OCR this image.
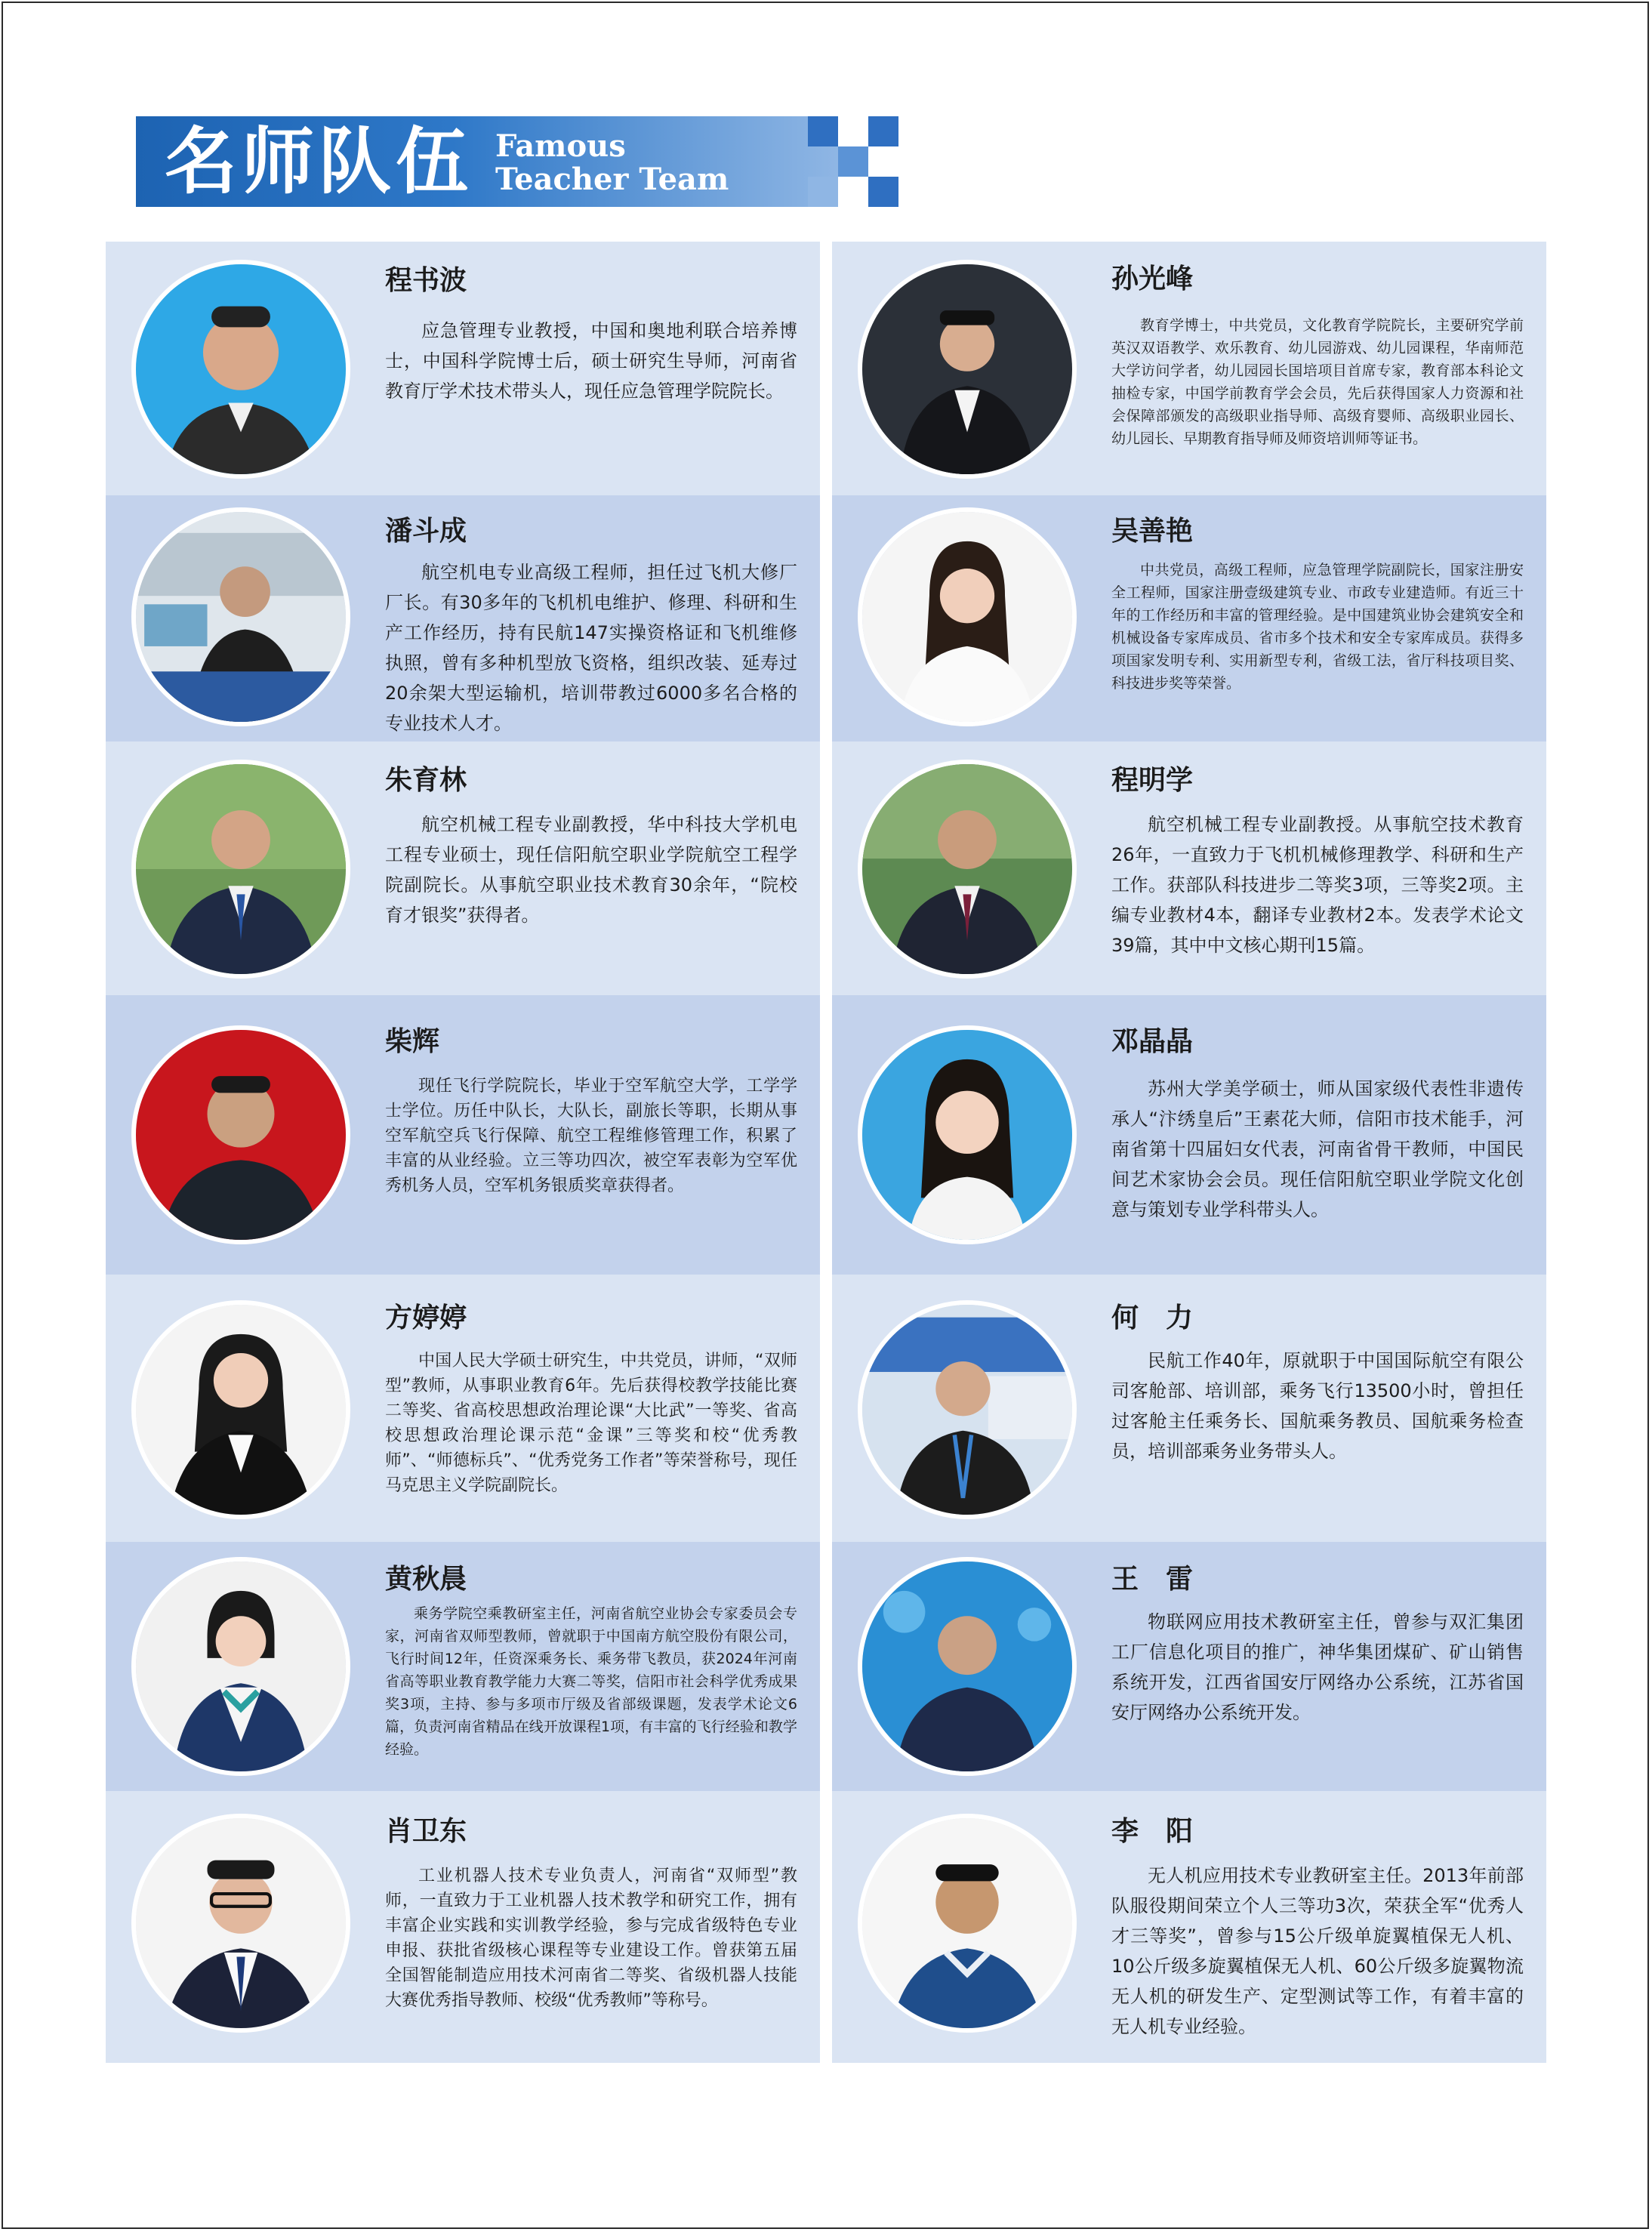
名师队伍 Famous
Teacher Team
程书波
应急管理专业教授，中国和奥地利联合培养博士，中国科学院博士后，硕士研究生导师，河南省教育厅学术技术带头人，现任应急管理学院院长。
潘斗成
航空机电专业高级工程师，担任过飞机大修厂厂长。有30多年的飞机机电维护、修理、科研和生产工作经历，持有民航147实操资格证和飞机维修执照，曾有多种机型放飞资格，组织改装、延寿过20余架大型运输机，培训带教过6000多名合格的专业技术人才。
朱育林
航空机械工程专业副教授，华中科技大学机电工程专业硕士，现任信阳航空职业学院航空工程学院副院长。从事航空职业技术教育30余年，“院校育才银奖”获得者。
柴辉
现任飞行学院院长，毕业于空军航空大学，工学学士学位。历任中队长，大队长，副旅长等职，长期从事空军航空兵飞行保障、航空工程维修管理工作，积累了丰富的从业经验。立三等功四次，被空军表彰为空军优秀机务人员，空军机务银质奖章获得者。
方婷婷
中国人民大学硕士研究生，中共党员，讲师，“双师型”教师，从事职业教育6年。先后获得校教学技能比赛二等奖、省高校思想政治理论课“大比武”一等奖、省高校思想政治理论课示范“金课”三等奖和校“优秀教师”、“师德标兵”、“优秀党务工作者”等荣誉称号，现任马克思主义学院副院长。
黄秋晨
乘务学院空乘教研室主任，河南省航空业协会专家委员会专家，河南省双师型教师，曾就职于中国南方航空股份有限公司，飞行时间12年，任资深乘务长、乘务带飞教员，获2024年河南省高等职业教育教学能力大赛二等奖，信阳市社会科学优秀成果奖3项，主持、参与多项市厅级及省部级课题，发表学术论文6篇，负责河南省精品在线开放课程1项，有丰富的飞行经验和教学经验。
肖卫东
工业机器人技术专业负责人，河南省“双师型”教师，一直致力于工业机器人技术教学和研究工作，拥有丰富企业实践和实训教学经验，参与完成省级特色专业申报、获批省级核心课程等专业建设工作。曾获第五届全国智能制造应用技术河南省二等奖、省级机器人技能大赛优秀指导教师、校级“优秀教师”等称号。
孙光峰
教育学博士，中共党员，文化教育学院院长，主要研究学前英汉双语教学、欢乐教育、幼儿园游戏、幼儿园课程，华南师范大学访问学者，幼儿园园长国培项目首席专家，教育部本科论文抽检专家，中国学前教育学会会员，先后获得国家人力资源和社会保障部颁发的高级职业指导师、高级育婴师、高级职业园长、幼儿园长、早期教育指导师及师资培训师等证书。
吴善艳
中共党员，高级工程师，应急管理学院副院长，国家注册安全工程师，国家注册壹级建筑专业、市政专业建造师。有近三十年的工作经历和丰富的管理经验。是中国建筑业协会建筑安全和机械设备专家库成员、省市多个技术和安全专家库成员。获得多项国家发明专利、实用新型专利，省级工法，省厅科技项目奖、科技进步奖等荣誉。
程明学
航空机械工程专业副教授。从事航空技术教育26年，一直致力于飞机机械修理教学、科研和生产工作。获部队科技进步二等奖3项，三等奖2项。主编专业教材4本，翻译专业教材2本。发表学术论文39篇，其中中文核心期刊15篇。
邓晶晶
苏州大学美学硕士，师从国家级代表性非遗传承人“汴绣皇后”王素花大师，信阳市技术能手，河南省第十四届妇女代表，河南省骨干教师，中国民间艺术家协会会员。现任信阳航空职业学院文化创意与策划专业学科带头人。
何　力
民航工作40年，原就职于中国国际航空有限公司客舱部、培训部，乘务飞行13500小时，曾担任过客舱主任乘务长、国航乘务教员、国航乘务检查员，培训部乘务业务带头人。
王　雷
物联网应用技术教研室主任，曾参与双汇集团工厂信息化项目的推广，神华集团煤矿、矿山销售系统开发，江西省国安厅网络办公系统，江苏省国安厅网络办公系统开发。
李　阳
无人机应用技术专业教研室主任。2013年前部队服役期间荣立个人三等功3次，荣获全军“优秀人才三等奖”，曾参与15公斤级单旋翼植保无人机、10公斤级多旋翼植保无人机、60公斤级多旋翼物流无人机的研发生产、定型测试等工作，有着丰富的无人机专业经验。
